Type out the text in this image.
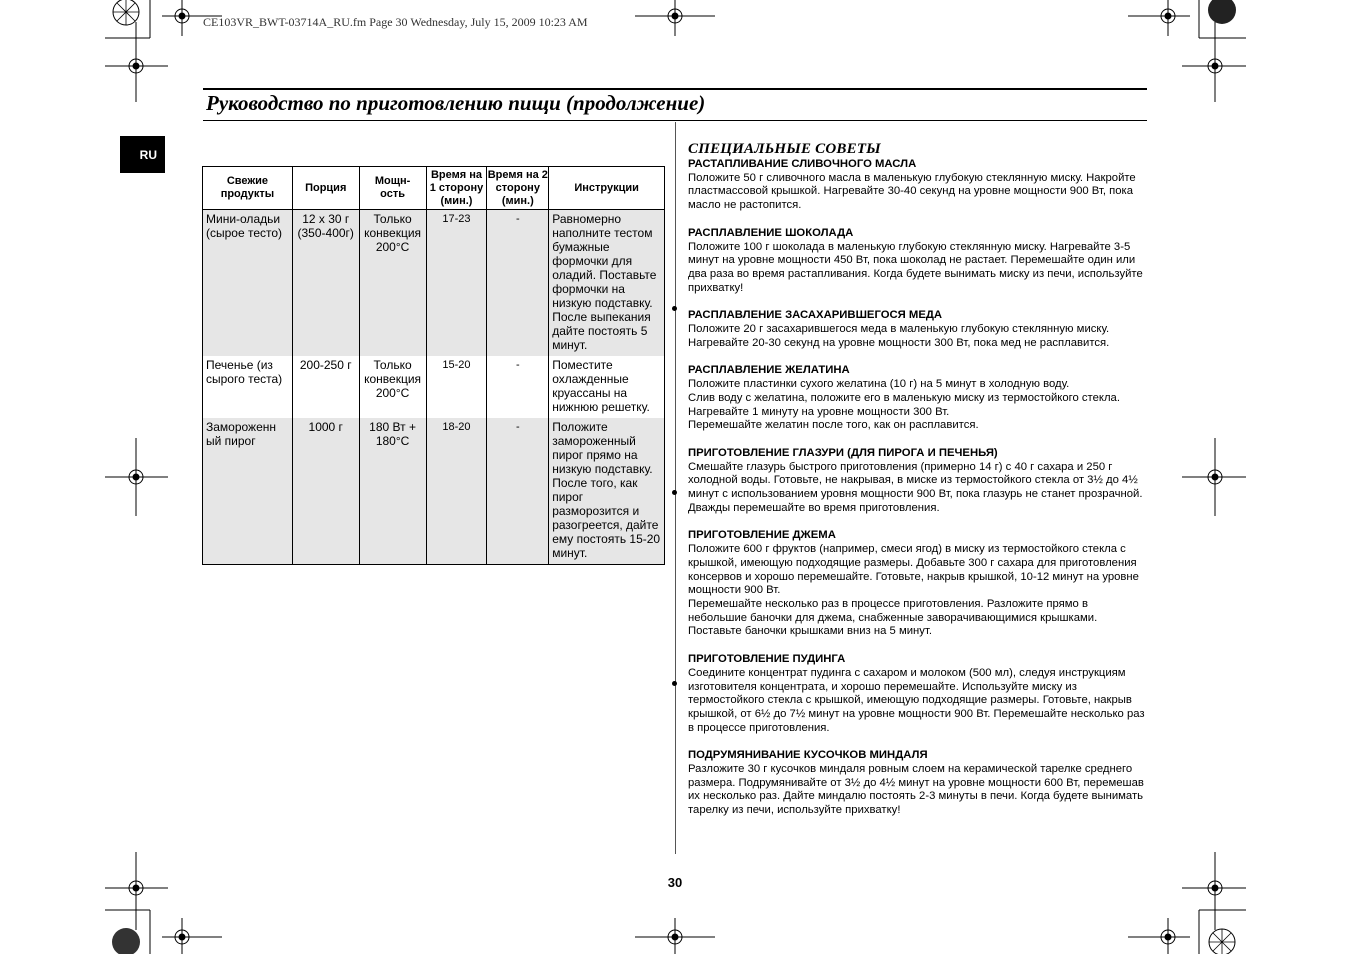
CE103VR_BWT-03714A_RU.fm Page 30 Wednesday, July 15, 2009 10:23 AM
Руководство по приготовлению пищи (продолжение)
RU
Свежие продукты	Порция	Мощн-ость	Время на 1 сторону (мин.)	Время на 2 сторону (мин.)	Инструкции
Мини-оладьи (сырое тесто)	12 x 30 г (350-400г)	Только конвекция 200°C	17-23	-	Равномерно наполните тестом бумажные формочки для оладий. Поставьте формочки на низкую подставку. После выпекания дайте постоять 5 минут.
Печенье (из сырого теста)	200-250 г	Только конвекция 200°C	15-20	-	Поместите охлажденные круассаны на нижнюю решетку.
Замороженн ый пирог	1000 г	180 Вт + 180°C	18-20	-	Положите замороженный пирог прямо на низкую подставку. После того, как пирог разморозится и разогреется, дайте ему постоять 15-20 минут.
СПЕЦИАЛЬНЫЕ СОВЕТЫ
РАСТАПЛИВАНИЕ СЛИВОЧНОГО МАСЛА
Положите 50 г сливочного масла в маленькую глубокую стеклянную миску. Накройте пластмассовой крышкой. Нагревайте 30-40 секунд на уровне мощности 900 Вт, пока масло не растопится.
РАСПЛАВЛЕНИЕ ШОКОЛАДА
Положите 100 г шоколада в маленькую глубокую стеклянную миску. Нагревайте 3-5 минут на уровне мощности 450 Вт, пока шоколад не растает. Перемешайте один или два раза во время растапливания. Когда будете вынимать миску из печи, используйте прихватку!
РАСПЛАВЛЕНИЕ ЗАСАХАРИВШЕГОСЯ МЕДА
Положите 20 г засахарившегося меда в маленькую глубокую стеклянную миску. Нагревайте 20-30 секунд на уровне мощности 300 Вт, пока мед не расплавится.
РАСПЛАВЛЕНИЕ ЖЕЛАТИНА
Положите пластинки сухого желатина (10 г) на 5 минут в холодную воду.
Слив воду с желатина, положите его в маленькую миску из термостойкого стекла. Нагревайте 1 минуту на уровне мощности 300 Вт.
Перемешайте желатин после того, как он расплавится.
ПРИГОТОВЛЕНИЕ ГЛАЗУРИ (ДЛЯ ПИРОГА И ПЕЧЕНЬЯ)
Смешайте глазурь быстрого приготовления (примерно 14 г) с 40 г сахара и 250 г холодной воды. Готовьте, не накрывая, в миске из термостойкого стекла от 3½ до 4½ минут с использованием уровня мощности 900 Вт, пока глазурь не станет прозрачной. Дважды перемешайте во время приготовления.
ПРИГОТОВЛЕНИЕ ДЖЕМА
Положите 600 г фруктов (например, смеси ягод) в миску из термостойкого стекла с крышкой, имеющую подходящие размеры. Добавьте 300 г сахара для приготовления консервов и хорошо перемешайте. Готовьте, накрыв крышкой, 10-12 минут на уровне мощности 900 Вт.
Перемешайте несколько раз в процессе приготовления. Разложите прямо в небольшие баночки для джема, снабженные заворачивающимися крышками. Поставьте баночки крышками вниз на 5 минут.
ПРИГОТОВЛЕНИЕ ПУДИНГА
Соедините концентрат пудинга с сахаром и молоком (500 мл), следуя инструкциям изготовителя концентрата, и хорошо перемешайте. Используйте миску из термостойкого стекла с крышкой, имеющую подходящие размеры. Готовьте, накрыв крышкой, от 6½ до 7½ минут на уровне мощности 900 Вт. Перемешайте несколько раз в процессе приготовления.
ПОДРУМЯНИВАНИЕ КУСОЧКОВ МИНДАЛЯ
Разложите 30 г кусочков миндаля ровным слоем на керамической тарелке среднего размера. Подрумянивайте от 3½ до 4½ минут на уровне мощности 600 Вт, перемешав их несколько раз. Дайте миндалю постоять 2-3 минуты в печи. Когда будете вынимать тарелку из печи, используйте прихватку!
30
